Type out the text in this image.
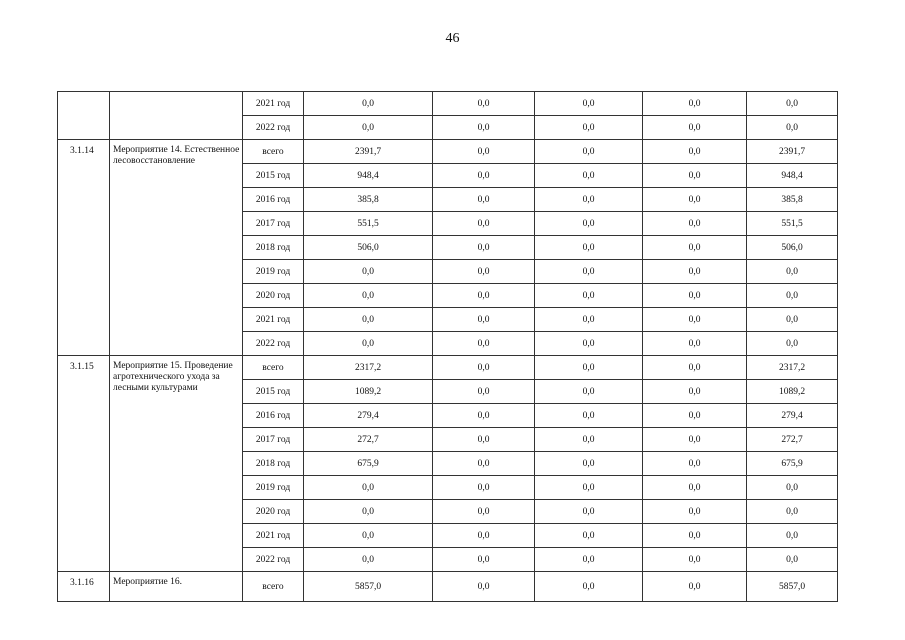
46
		2021 год	0,0	0,0	0,0	0,0	0,0
		2022 год	0,0	0,0	0,0	0,0	0,0
3.1.14	Мероприятие 14. Естественное лесовосстановление	всего	2391,7	0,0	0,0	0,0	2391,7
		2015 год	948,4	0,0	0,0	0,0	948,4
		2016 год	385,8	0,0	0,0	0,0	385,8
		2017 год	551,5	0,0	0,0	0,0	551,5
		2018 год	506,0	0,0	0,0	0,0	506,0
		2019 год	0,0	0,0	0,0	0,0	0,0
		2020 год	0,0	0,0	0,0	0,0	0,0
		2021 год	0,0	0,0	0,0	0,0	0,0
		2022 год	0,0	0,0	0,0	0,0	0,0
3.1.15	Мероприятие 15. Проведение агротехнического ухода за лесными культурами	всего	2317,2	0,0	0,0	0,0	2317,2
		2015 год	1089,2	0,0	0,0	0,0	1089,2
		2016 год	279,4	0,0	0,0	0,0	279,4
		2017 год	272,7	0,0	0,0	0,0	272,7
		2018 год	675,9	0,0	0,0	0,0	675,9
		2019 год	0,0	0,0	0,0	0,0	0,0
		2020 год	0,0	0,0	0,0	0,0	0,0
		2021 год	0,0	0,0	0,0	0,0	0,0
		2022 год	0,0	0,0	0,0	0,0	0,0
3.1.16	Мероприятие 16.	всего	5857,0	0,0	0,0	0,0	5857,0
